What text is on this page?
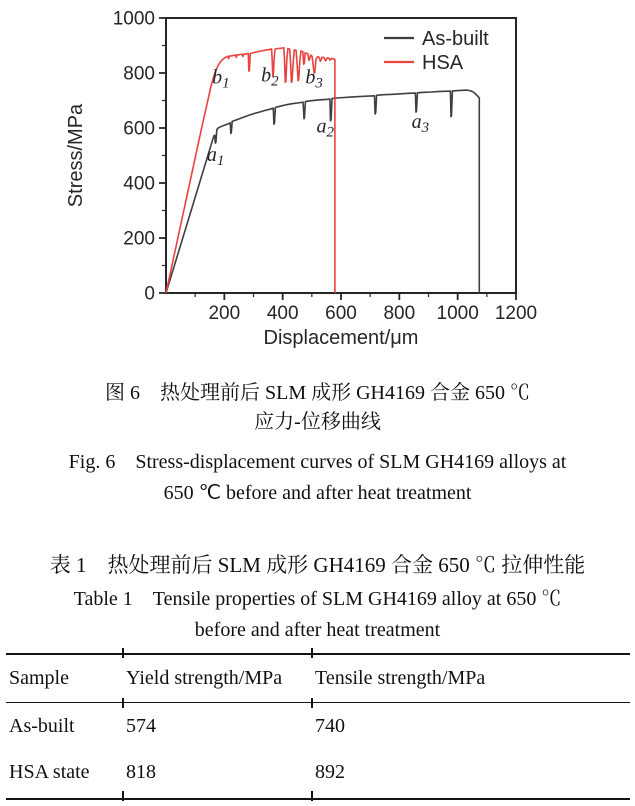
200 400 600 800 1000 1200
0
200
400
600
800
1000
Displacement/μm
Stress/MPa
As-built
HSA
$a_1$
$a_2$	$a_3$
$b_1$ $b_2$ $b_3$
图 6　热处理前后 SLM 成形 GH4169 合金 650 ℃
应力-位移曲线
Fig. 6　Stress-displacement curves of SLM GH4169 alloys at
650 ℃ before and after heat treatment
表 1　热处理前后 SLM 成形 GH4169 合金 650 ℃ 拉伸性能
Table 1　Tensile properties of SLM GH4169 alloy at 650 ℃
before and after heat treatment
Sample	Yield strength/MPa	Tensile strength/MPa
As-built	574	740
HSA state	818	892
